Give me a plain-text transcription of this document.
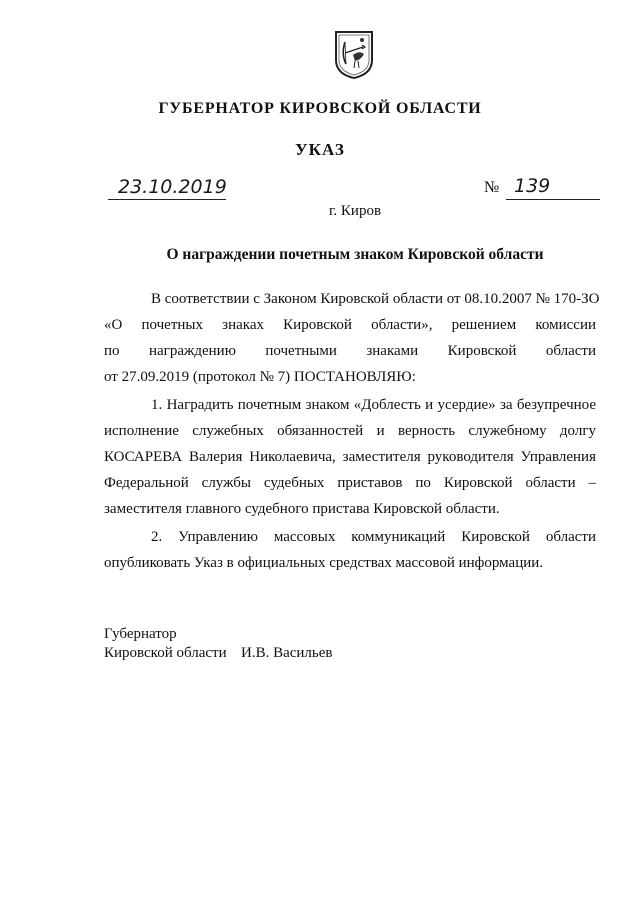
ГУБЕРНАТОР КИРОВСКОЙ ОБЛАСТИ
УКАЗ
23.10.2019	№ 139
г. Киров
О награждении почетным знаком Кировской области
В соответствии с Законом Кировской области от 08.10.2007 № 170-ЗО
«О почетных знаках Кировской области», решением комиссии
по награждению почетными знаками Кировской области
от 27.09.2019 (протокол № 7) ПОСТАНОВЛЯЮ:
1. Наградить почетным знаком «Доблесть и усердие» за безупречное
исполнение служебных обязанностей и верность служебному долгу
КОСАРЕВА Валерия Николаевича, заместителя руководителя Управления
Федеральной службы судебных приставов по Кировской области –
заместителя главного судебного пристава Кировской области.
2. Управлению массовых коммуникаций Кировской области
опубликовать Указ в официальных средствах массовой информации.
Губернатор
Кировской области И.В. Васильев
